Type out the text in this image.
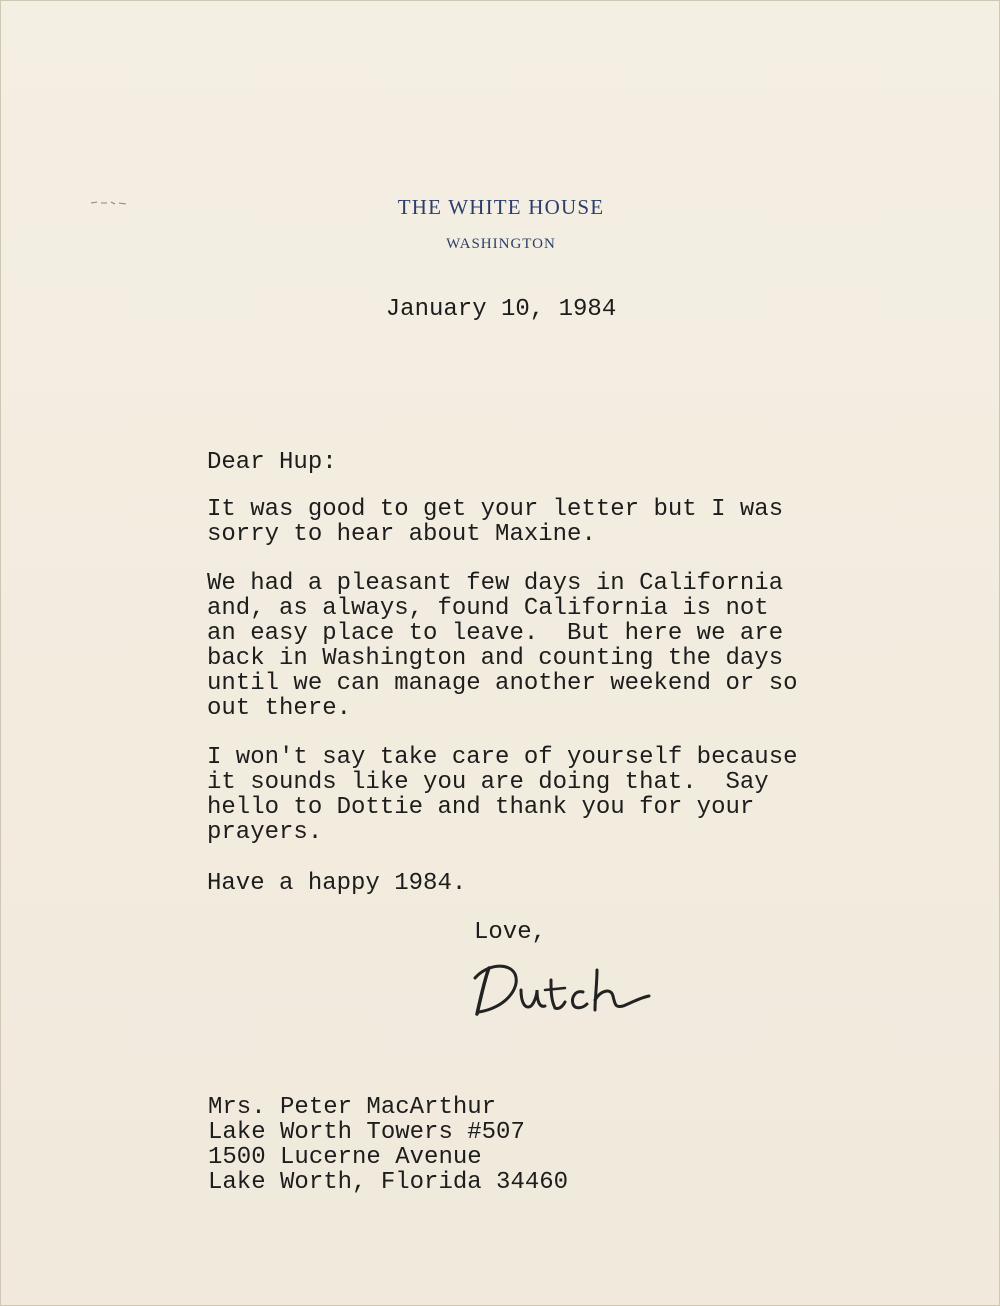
THE WHITE HOUSE
WASHINGTON
January 10, 1984
Dear Hup:
It was good to get your letter but I was
sorry to hear about Maxine.
We had a pleasant few days in California
and, as always, found California is not
an easy place to leave.  But here we are
back in Washington and counting the days
until we can manage another weekend or so
out there.
I won't say take care of yourself because
it sounds like you are doing that.  Say
hello to Dottie and thank you for your
prayers.
Have a happy 1984.
Love,
Mrs. Peter MacArthur
Lake Worth Towers #507
1500 Lucerne Avenue
Lake Worth, Florida 34460
